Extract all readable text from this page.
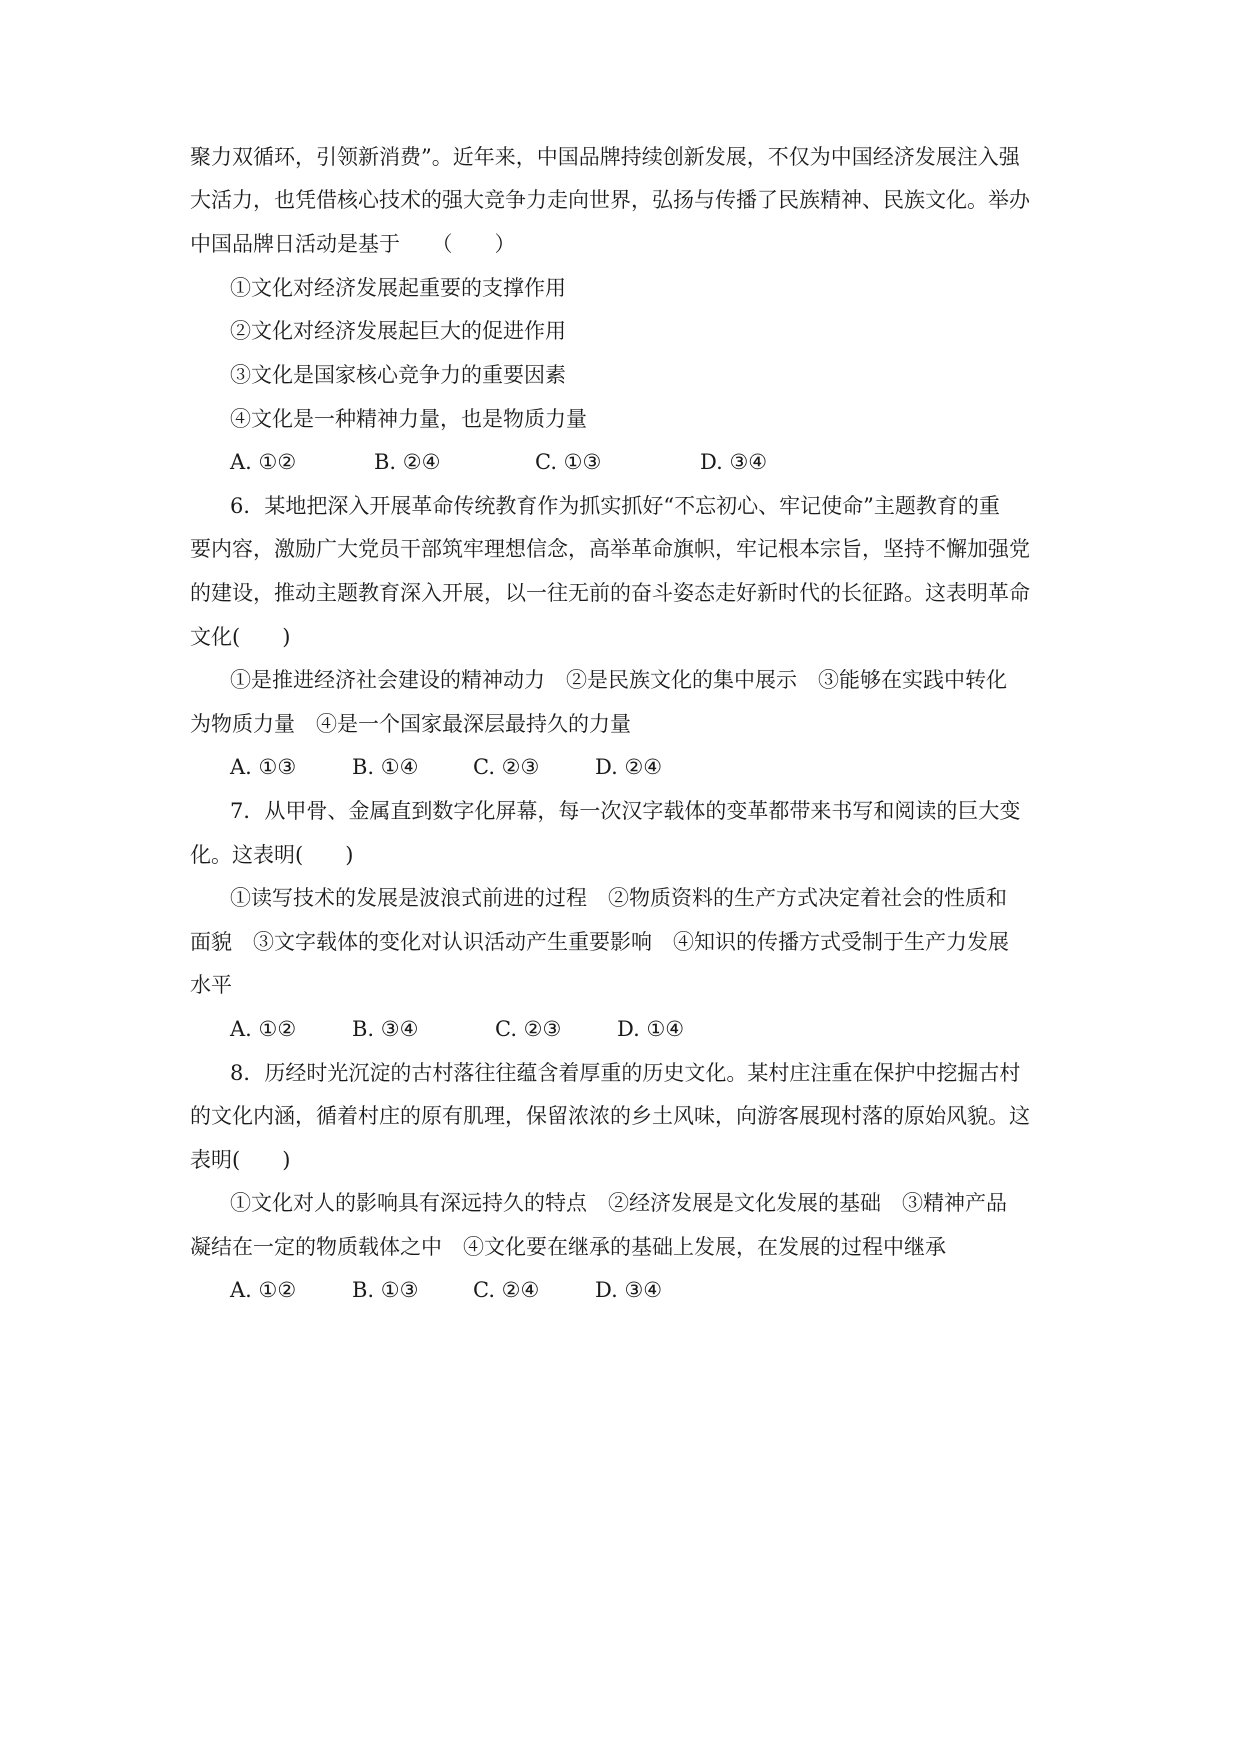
聚力双循环，引领新消费”。近年来，中国品牌持续创新发展，不仅为中国经济发展注入强

大活力，也凭借核心技术的强大竞争力走向世界，弘扬与传播了民族精神、民族文化。举办

中国品牌日活动是基于　　（　　）

①文化对经济发展起重要的支撑作用

②文化对经济发展起巨大的促进作用

③文化是国家核心竞争力的重要因素

④文化是一种精神力量，也是物质力量

A. ①②

	B. ②④

	C. ①③

	D. ③④

6．某地把深入开展革命传统教育作为抓实抓好“不忘初心、牢记使命”主题教育的重

要内容，激励广大党员干部筑牢理想信念，高举革命旗帜，牢记根本宗旨，坚持不懈加强党

的建设，推动主题教育深入开展，以一往无前的奋斗姿态走好新时代的长征路。这表明革命

文化(　　)

①是推进经济社会建设的精神动力　②是民族文化的集中展示　③能够在实践中转化

为物质力量　④是一个国家最深层最持久的力量

A. ①③

	B. ①④

	C. ②③

	D. ②④

7．从甲骨、金属直到数字化屏幕，每一次汉字载体的变革都带来书写和阅读的巨大变

化。这表明(　　)

①读写技术的发展是波浪式前进的过程　②物质资料的生产方式决定着社会的性质和

面貌　③文字载体的变化对认识活动产生重要影响　④知识的传播方式受制于生产力发展

水平

A. ①②

	B. ③④

	C. ②③

	D. ①④

8．历经时光沉淀的古村落往往蕴含着厚重的历史文化。某村庄注重在保护中挖掘古村

的文化内涵，循着村庄的原有肌理，保留浓浓的乡土风味，向游客展现村落的原始风貌。这

表明(　　)

①文化对人的影响具有深远持久的特点　②经济发展是文化发展的基础　③精神产品

凝结在一定的物质载体之中　④文化要在继承的基础上发展，在发展的过程中继承

A. ①②

	B. ①③

	C. ②④

	D. ③④
